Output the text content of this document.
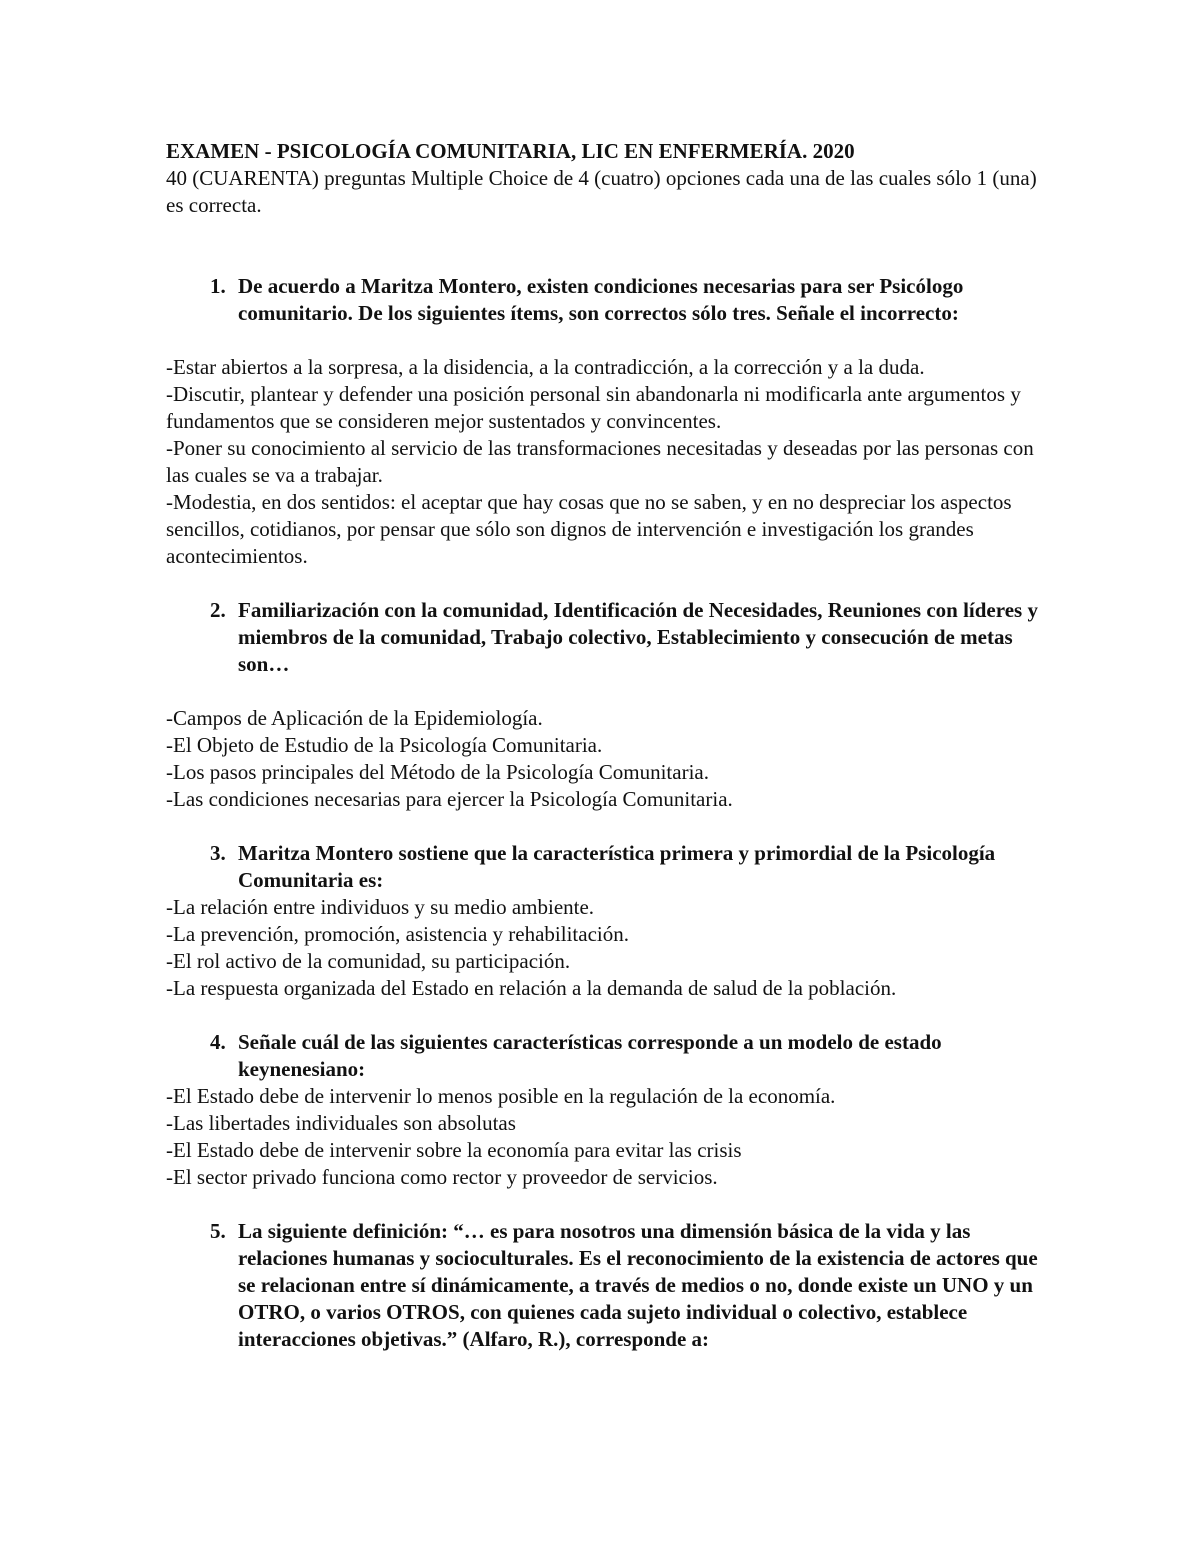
EXAMEN - PSICOLOGÍA COMUNITARIA, LIC EN ENFERMERÍA. 2020

40 (CUARENTA) preguntas Multiple Choice de 4 (cuatro) opciones cada una de las cuales sólo 1 (una) es correcta.

1. De acuerdo a Maritza Montero, existen condiciones necesarias para ser Psicólogo comunitario. De los siguientes ítems, son correctos sólo tres. Señale el incorrecto:

-Estar abiertos a la sorpresa, a la disidencia, a la contradicción, a la corrección y a la duda.

-Discutir, plantear y defender una posición personal sin abandonarla ni modificarla ante argumentos y fundamentos que se consideren mejor sustentados y convincentes.

-Poner su conocimiento al servicio de las transformaciones necesitadas y deseadas por las personas con las cuales se va a trabajar.

-Modestia, en dos sentidos: el aceptar que hay cosas que no se saben, y en no despreciar los aspectos sencillos, cotidianos, por pensar que sólo son dignos de intervención e investigación los grandes acontecimientos.

2. Familiarización con la comunidad, Identificación de Necesidades, Reuniones con líderes y miembros de la comunidad, Trabajo colectivo, Establecimiento y consecución de metas son…

-Campos de Aplicación de la Epidemiología.

-El Objeto de Estudio de la Psicología Comunitaria.

-Los pasos principales del Método de la Psicología Comunitaria.

-Las condiciones necesarias para ejercer la Psicología Comunitaria.

3. Maritza Montero sostiene que la característica primera y primordial de la Psicología Comunitaria es:

-La relación entre individuos y su medio ambiente.

-La prevención, promoción, asistencia y rehabilitación.

-El rol activo de la comunidad, su participación.

-La respuesta organizada del Estado en relación a la demanda de salud de la población.

4. Señale cuál de las siguientes características corresponde a un modelo de estado keynenesiano:

-El Estado debe de intervenir lo menos posible en la regulación de la economía.

-Las libertades individuales son absolutas

-El Estado debe de intervenir sobre la economía para evitar las crisis

-El sector privado funciona como rector y proveedor de servicios.

5. La siguiente definición: “… es para nosotros una dimensión básica de la vida y las relaciones humanas y socioculturales. Es el reconocimiento de la existencia de actores que se relacionan entre sí dinámicamente, a través de medios o no, donde existe un UNO y un OTRO, o varios OTROS, con quienes cada sujeto individual o colectivo, establece interacciones objetivas.” (Alfaro, R.), corresponde a:
